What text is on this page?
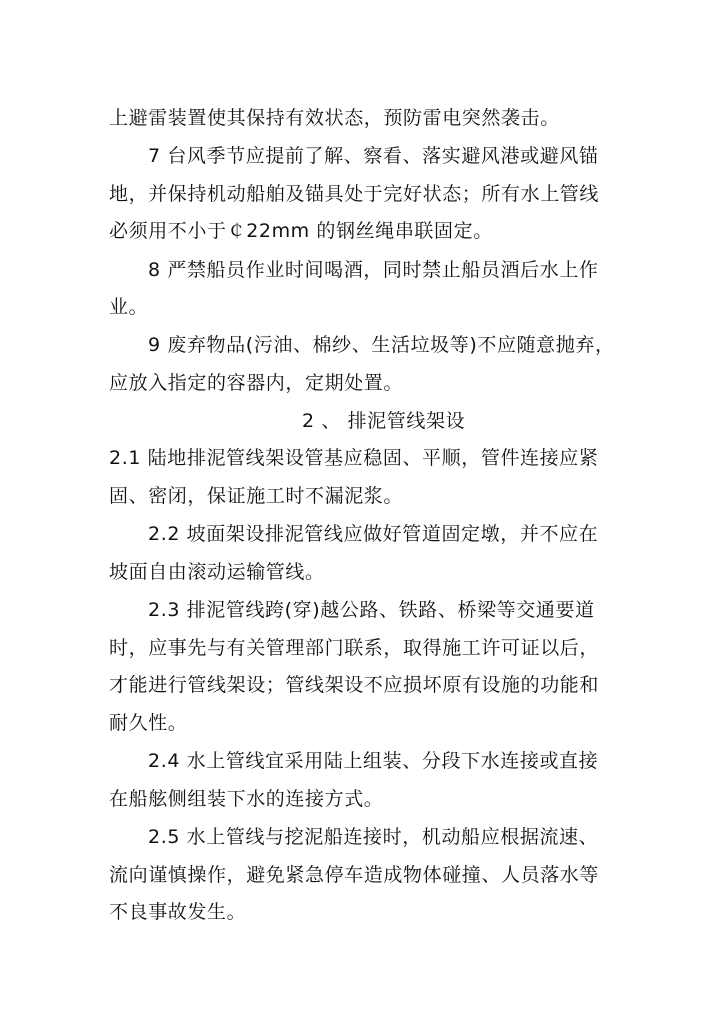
上避雷装置使其保持有效状态，预防雷电突然袭击。
7 台风季节应提前了解、察看、落实避风港或避风锚
地，并保持机动船舶及锚具处于完好状态；所有水上管线
必须用不小于￠22mm 的钢丝绳串联固定。
8 严禁船员作业时间喝酒，同时禁止船员酒后水上作
业。
9 废弃物品(污油、棉纱、生活垃圾等)不应随意抛弃，
应放入指定的容器内，定期处置。
2 、 排泥管线架设
2.1 陆地排泥管线架设管基应稳固、平顺，管件连接应紧
固、密闭，保证施工时不漏泥浆。
2.2 坡面架设排泥管线应做好管道固定墩，并不应在
坡面自由滚动运输管线。
2.3 排泥管线跨(穿)越公路、铁路、桥梁等交通要道
时，应事先与有关管理部门联系，取得施工许可证以后，
才能进行管线架设；管线架设不应损坏原有设施的功能和
耐久性。
2.4 水上管线宜采用陆上组装、分段下水连接或直接
在船舷侧组装下水的连接方式。
2.5 水上管线与挖泥船连接时，机动船应根据流速、
流向谨慎操作，避免紧急停车造成物体碰撞、人员落水等
不良事故发生。
